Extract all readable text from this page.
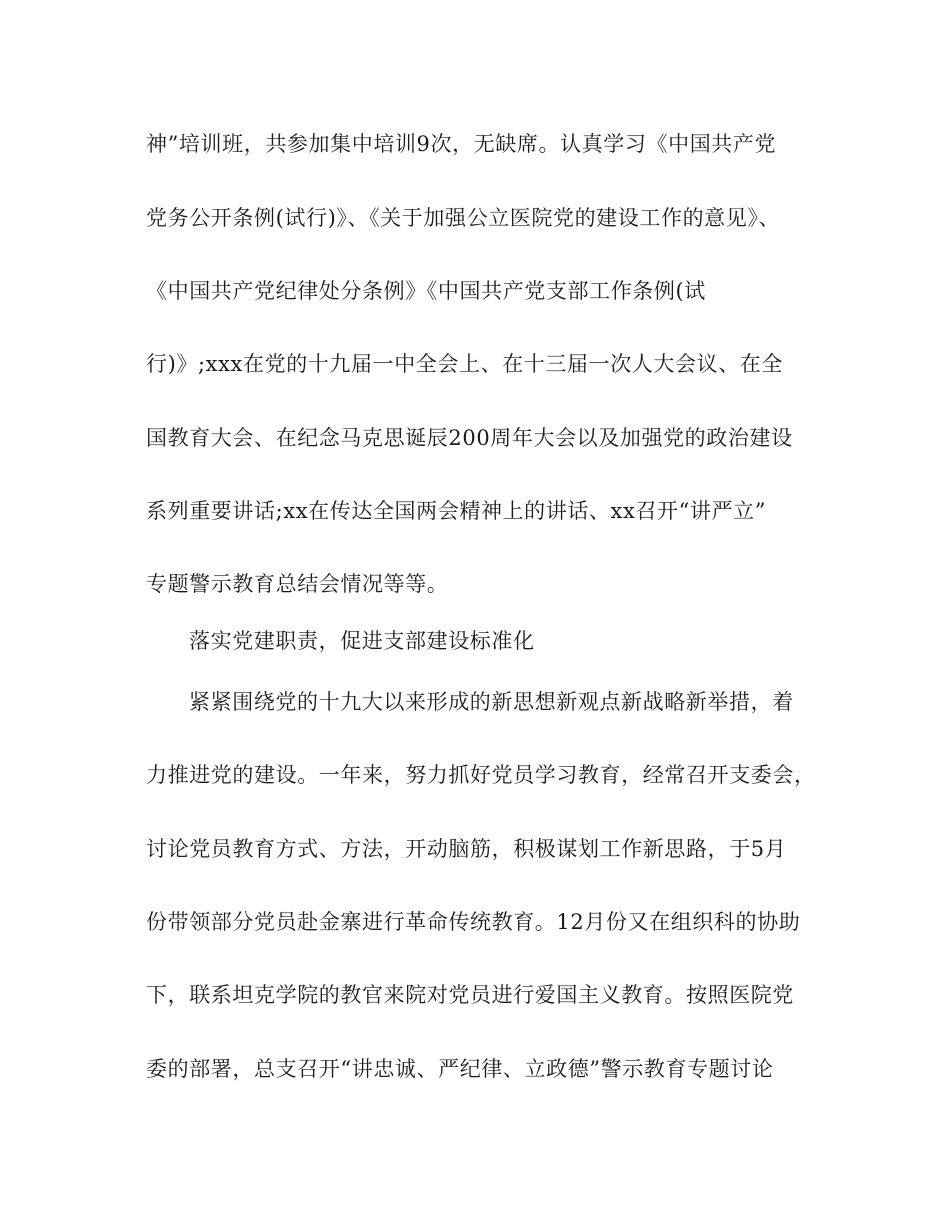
神”培训班，共参加集中培训9次，无缺席。认真学习《中国共产党
党务公开条例(试行)》、《关于加强公立医院党的建设工作的意见》、
《中国共产党纪律处分条例》《中国共产党支部工作条例(试
行)》;xxx在党的十九届一中全会上、在十三届一次人大会议、在全
国教育大会、在纪念马克思诞辰200周年大会以及加强党的政治建设
系列重要讲话;xx在传达全国两会精神上的讲话、xx召开“讲严立”
专题警示教育总结会情况等等。
落实党建职责，促进支部建设标准化
紧紧围绕党的十九大以来形成的新思想新观点新战略新举措，着
力推进党的建设。一年来，努力抓好党员学习教育，经常召开支委会，
讨论党员教育方式、方法，开动脑筋，积极谋划工作新思路，于5月
份带领部分党员赴金寨进行革命传统教育。12月份又在组织科的协助
下，联系坦克学院的教官来院对党员进行爱国主义教育。按照医院党
委的部署，总支召开“讲忠诚、严纪律、立政德”警示教育专题讨论
